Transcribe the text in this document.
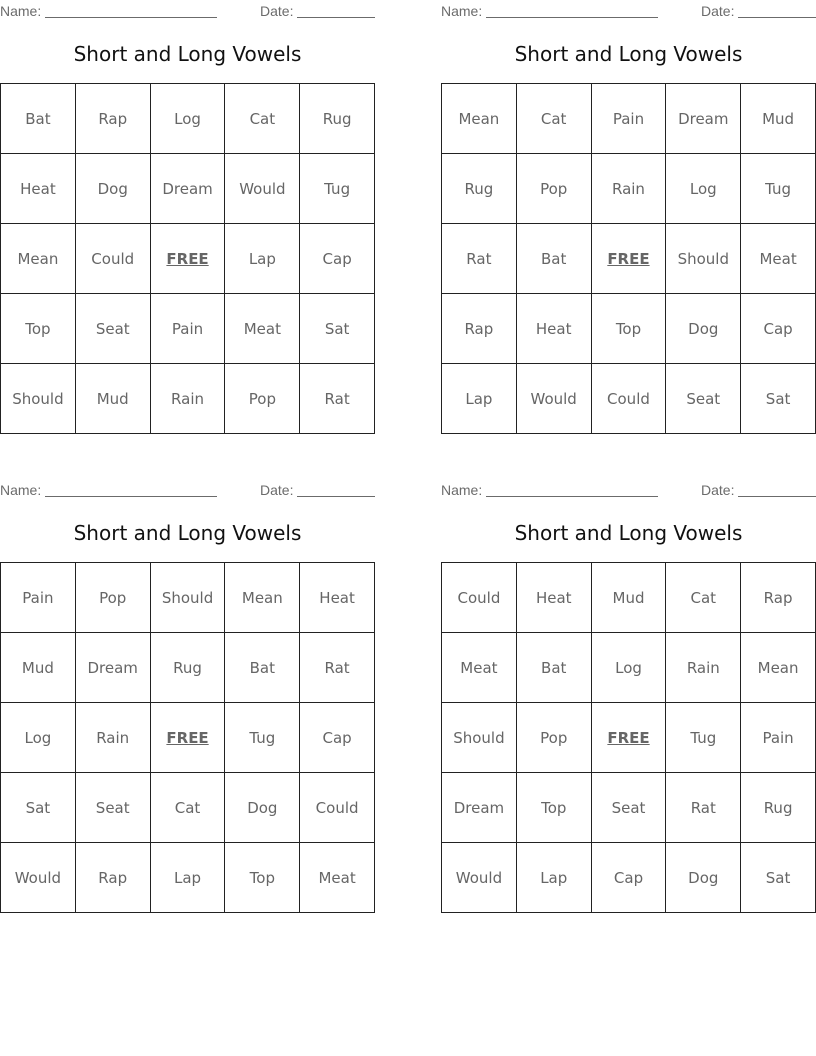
Name:	Date:
Short and Long Vowels
Bat	Rap	Log	Cat	Rug
Heat	Dog	Dream	Would	Tug
Mean	Could	FREE	Lap	Cap
Top	Seat	Pain	Meat	Sat
Should	Mud	Rain	Pop	Rat
Name:	Date:
Short and Long Vowels
Mean	Cat	Pain	Dream	Mud
Rug	Pop	Rain	Log	Tug
Rat	Bat	FREE	Should	Meat
Rap	Heat	Top	Dog	Cap
Lap	Would	Could	Seat	Sat
Name:	Date:
Short and Long Vowels
Pain	Pop	Should	Mean	Heat
Mud	Dream	Rug	Bat	Rat
Log	Rain	FREE	Tug	Cap
Sat	Seat	Cat	Dog	Could
Would	Rap	Lap	Top	Meat
Name:	Date:
Short and Long Vowels
Could	Heat	Mud	Cat	Rap
Meat	Bat	Log	Rain	Mean
Should	Pop	FREE	Tug	Pain
Dream	Top	Seat	Rat	Rug
Would	Lap	Cap	Dog	Sat
